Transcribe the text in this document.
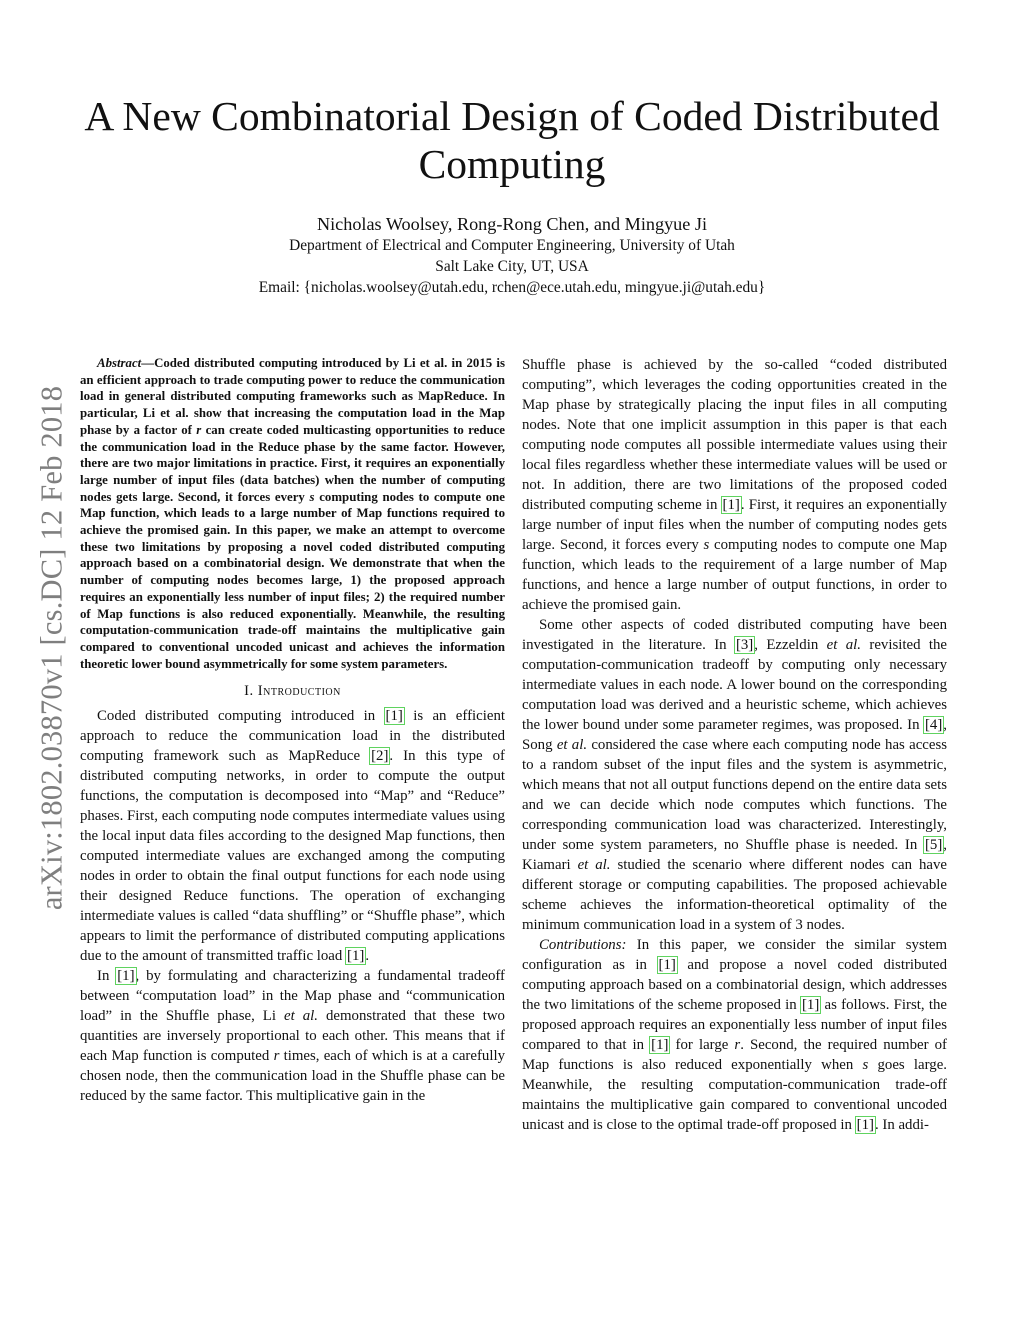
arXiv:1802.03870v1 [cs.DC] 12 Feb 2018
A New Combinatorial Design of Coded Distributed Computing
Nicholas Woolsey, Rong-Rong Chen, and Mingyue Ji
Department of Electrical and Computer Engineering, University of Utah
Salt Lake City, UT, USA
Email: {nicholas.woolsey@utah.edu, rchen@ece.utah.edu, mingyue.ji@utah.edu}

Abstract—Coded distributed computing introduced by Li et al. in 2015 is an efficient approach to trade computing power to reduce the communication load in general distributed computing frameworks such as MapReduce. In particular, Li et al. show that increasing the computation load in the Map phase by a factor of r can create coded multicasting opportunities to reduce the communication load in the Reduce phase by the same factor. However, there are two major limitations in practice. First, it requires an exponentially large number of input files (data batches) when the number of computing nodes gets large. Second, it forces every s computing nodes to compute one Map function, which leads to a large number of Map functions required to achieve the promised gain. In this paper, we make an attempt to overcome these two limitations by proposing a novel coded distributed computing approach based on a combinatorial design. We demonstrate that when the number of computing nodes becomes large, 1) the proposed approach requires an exponentially less number of input files; 2) the required number of Map functions is also reduced exponentially. Meanwhile, the resulting computation-communication trade-off maintains the multiplicative gain compared to conventional uncoded unicast and achieves the information theoretic lower bound asymmetrically for some system parameters.

I. Introduction

Coded distributed computing introduced in [1] is an efficient approach to reduce the communication load in the distributed computing framework such as MapReduce [2]. In this type of distributed computing networks, in order to compute the output functions, the computation is decomposed into “Map” and “Reduce” phases. First, each computing node computes intermediate values using the local input data files according to the designed Map functions, then computed intermediate values are exchanged among the computing nodes in order to obtain the final output functions for each node using their designed Reduce functions. The operation of exchanging intermediate values is called “data shuffling” or “Shuffle phase”, which appears to limit the performance of distributed computing applications due to the amount of transmitted traffic load [1].

In [1], by formulating and characterizing a fundamental tradeoff between “computation load” in the Map phase and “communication load” in the Shuffle phase, Li et al. demonstrated that these two quantities are inversely proportional to each other. This means that if each Map function is computed r times, each of which is at a carefully chosen node, then the communication load in the Shuffle phase can be reduced by the same factor. This multiplicative gain in the

Shuffle phase is achieved by the so-called “coded distributed computing”, which leverages the coding opportunities created in the Map phase by strategically placing the input files in all computing nodes. Note that one implicit assumption in this paper is that each computing node computes all possible intermediate values using their local files regardless whether these intermediate values will be used or not. In addition, there are two limitations of the proposed coded distributed computing scheme in [1]. First, it requires an exponentially large number of input files when the number of computing nodes gets large. Second, it forces every s computing nodes to compute one Map function, which leads to the requirement of a large number of Map functions, and hence a large number of output functions, in order to achieve the promised gain.

Some other aspects of coded distributed computing have been investigated in the literature. In [3], Ezzeldin et al. revisited the computation-communication tradeoff by computing only necessary intermediate values in each node. A lower bound on the corresponding computation load was derived and a heuristic scheme, which achieves the lower bound under some parameter regimes, was proposed. In [4], Song et al. considered the case where each computing node has access to a random subset of the input files and the system is asymmetric, which means that not all output functions depend on the entire data sets and we can decide which node computes which functions. The corresponding communication load was characterized. Interestingly, under some system parameters, no Shuffle phase is needed. In [5], Kiamari et al. studied the scenario where different nodes can have different storage or computing capabilities. The proposed achievable scheme achieves the information-theoretical optimality of the minimum communication load in a system of 3 nodes.

Contributions: In this paper, we consider the similar system configuration as in [1] and propose a novel coded distributed computing approach based on a combinatorial design, which addresses the two limitations of the scheme proposed in [1] as follows. First, the proposed approach requires an exponentially less number of input files compared to that in [1] for large r. Second, the required number of Map functions is also reduced exponentially when s goes large. Meanwhile, the resulting computation-communication trade-off maintains the multiplicative gain compared to conventional uncoded unicast and is close to the optimal trade-off proposed in [1]. In addi-
